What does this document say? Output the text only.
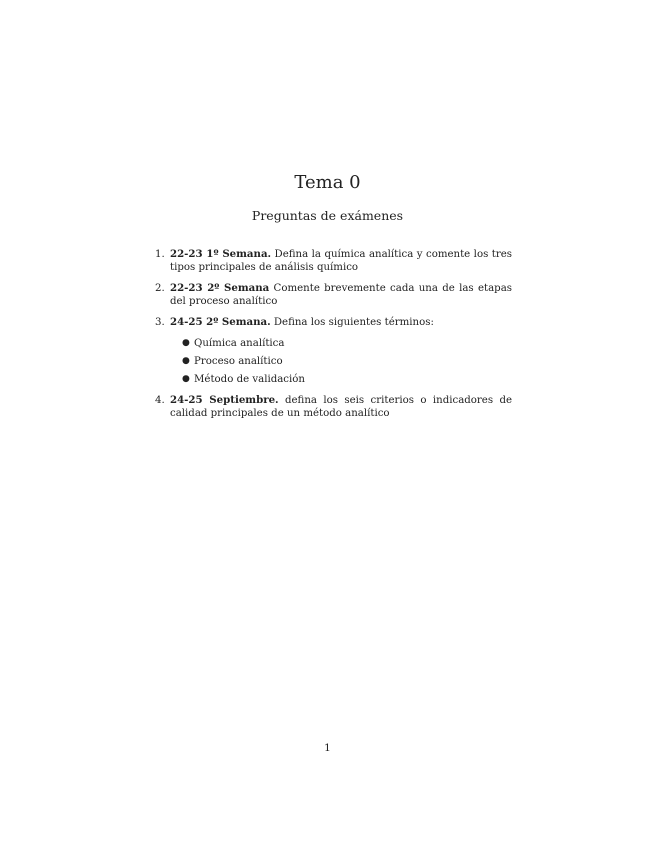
Tema 0
Preguntas de exámenes
1. 22-23 1º Semana. Defina la química analítica y comente los tres tipos principales de análisis químico
2. 22-23 2º Semana Comente brevemente cada una de las etapas del proceso analítico
3. 24-25 2º Semana. Defina los siguientes términos:
● Química analítica
● Proceso analítico
● Método de validación
4. 24-25 Septiembre. defina los seis criterios o indicadores de calidad principales de un método analítico
1
